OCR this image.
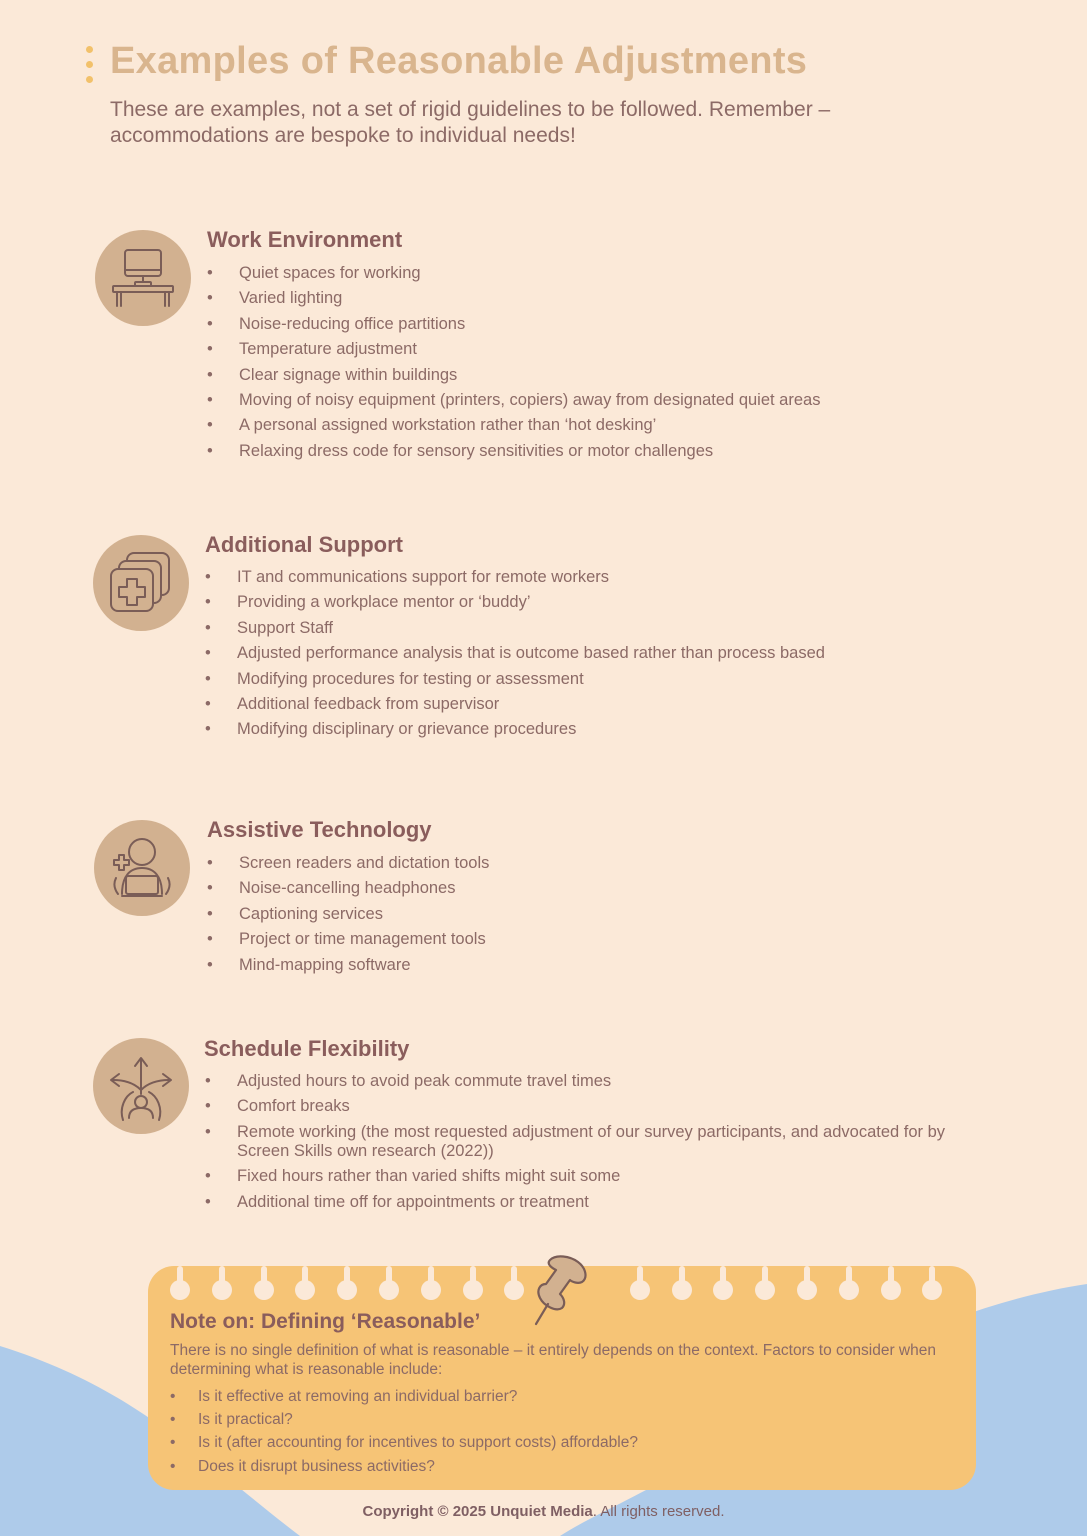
Examples of Reasonable Adjustments

These are examples, not a set of rigid guidelines to be followed. Remember – accommodations are bespoke to individual needs!

Work Environment
• Quiet spaces for working
• Varied lighting
• Noise-reducing office partitions
• Temperature adjustment
• Clear signage within buildings
• Moving of noisy equipment (printers, copiers) away from designated quiet areas
• A personal assigned workstation rather than ‘hot desking’
• Relaxing dress code for sensory sensitivities or motor challenges
Additional Support
• IT and communications support for remote workers
• Providing a workplace mentor or ‘buddy’
• Support Staff
• Adjusted performance analysis that is outcome based rather than process based
• Modifying procedures for testing or assessment
• Additional feedback from supervisor
• Modifying disciplinary or grievance procedures
Assistive Technology
• Screen readers and dictation tools
• Noise-cancelling headphones
• Captioning services
• Project or time management tools
• Mind-mapping software
Schedule Flexibility
• Adjusted hours to avoid peak commute travel times
• Comfort breaks
• Remote working (the most requested adjustment of our survey participants, and advocated for by Screen Skills own research (2022))
• Fixed hours rather than varied shifts might suit some
• Additional time off for appointments or treatment
Note on: Defining ‘Reasonable’

There is no single definition of what is reasonable – it entirely depends on the context. Factors to consider when determining what is reasonable include:

• Is it effective at removing an individual barrier?
• Is it practical?
• Is it (after accounting for incentives to support costs) affordable?
• Does it disrupt business activities?
Copyright © 2025 Unquiet Media. All rights reserved.
